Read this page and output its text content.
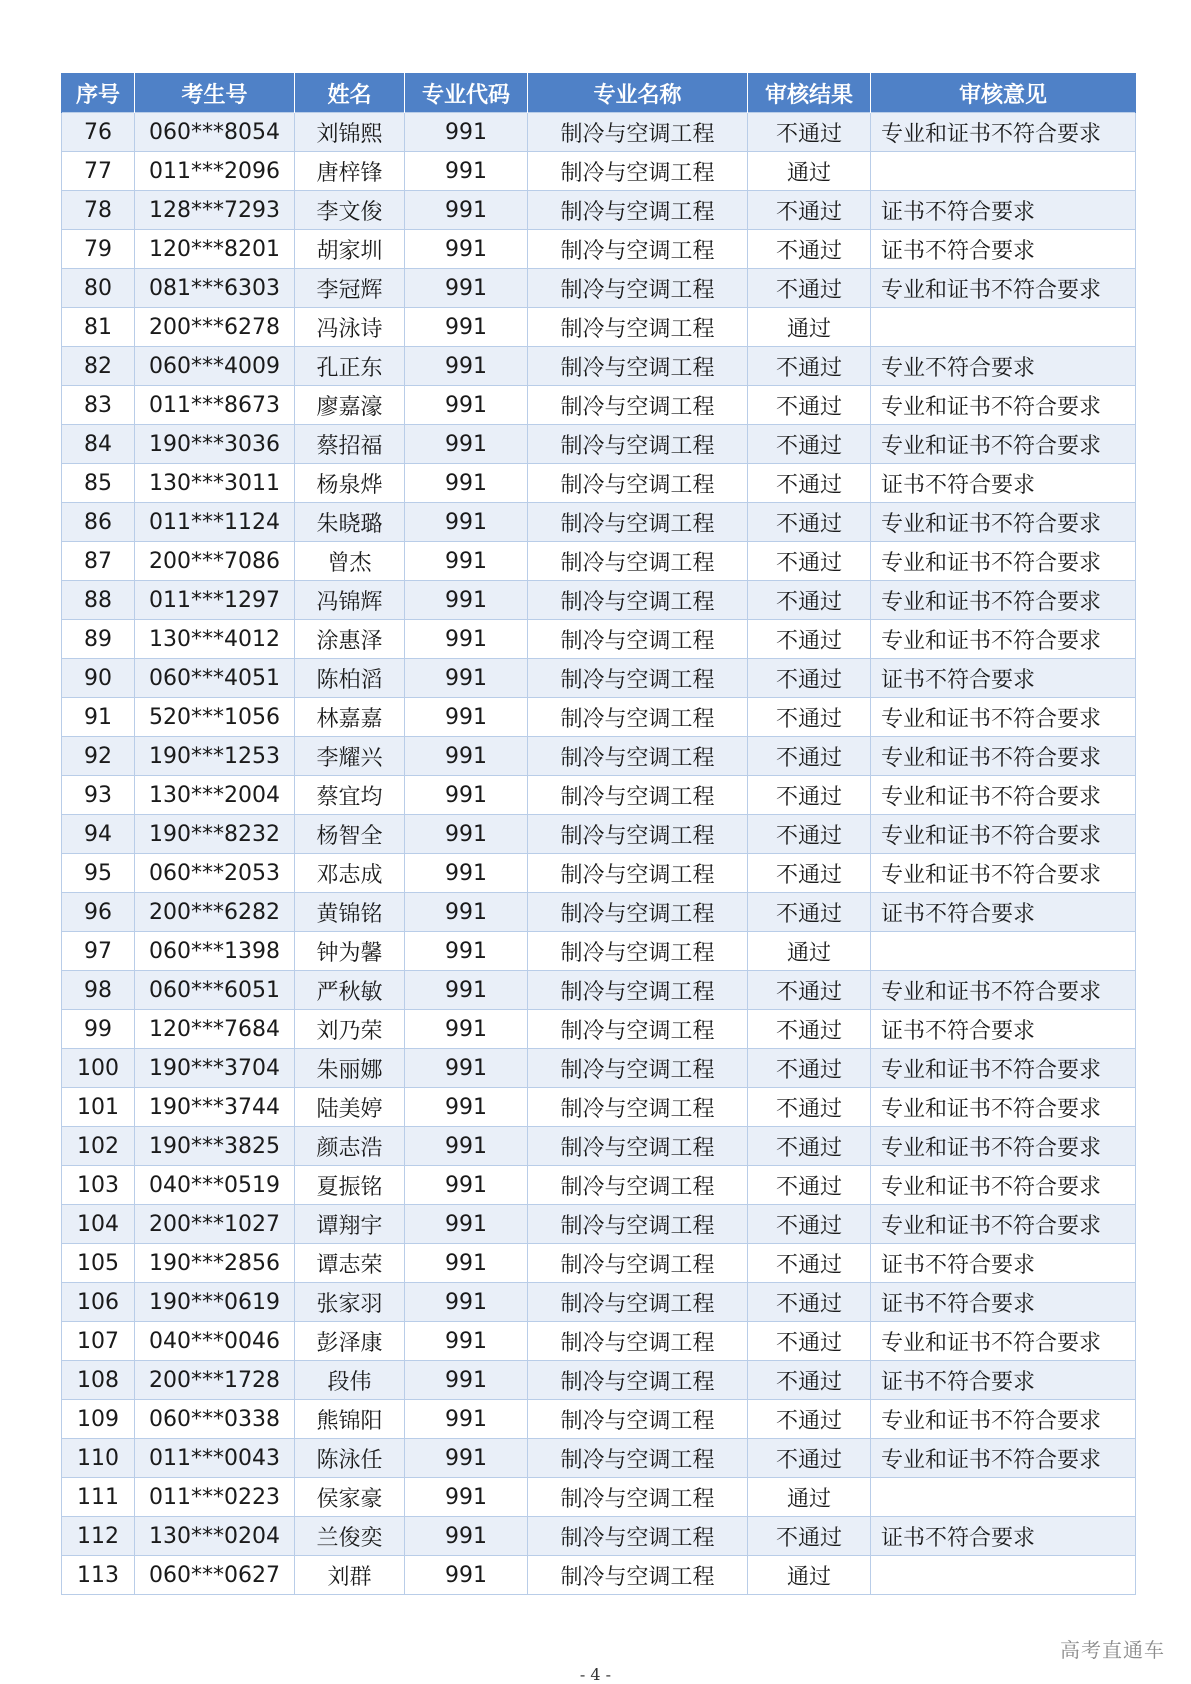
序号	考生号	姓名	专业代码	专业名称	审核结果	审核意见
76	060***8054	刘锦熙	991	制冷与空调工程	不通过	专业和证书不符合要求
77	011***2096	唐梓锋	991	制冷与空调工程	通过	
78	128***7293	李文俊	991	制冷与空调工程	不通过	证书不符合要求
79	120***8201	胡家圳	991	制冷与空调工程	不通过	证书不符合要求
80	081***6303	李冠辉	991	制冷与空调工程	不通过	专业和证书不符合要求
81	200***6278	冯泳诗	991	制冷与空调工程	通过	
82	060***4009	孔正东	991	制冷与空调工程	不通过	专业不符合要求
83	011***8673	廖嘉濠	991	制冷与空调工程	不通过	专业和证书不符合要求
84	190***3036	蔡招福	991	制冷与空调工程	不通过	专业和证书不符合要求
85	130***3011	杨泉烨	991	制冷与空调工程	不通过	证书不符合要求
86	011***1124	朱晓璐	991	制冷与空调工程	不通过	专业和证书不符合要求
87	200***7086	曾杰	991	制冷与空调工程	不通过	专业和证书不符合要求
88	011***1297	冯锦辉	991	制冷与空调工程	不通过	专业和证书不符合要求
89	130***4012	涂惠泽	991	制冷与空调工程	不通过	专业和证书不符合要求
90	060***4051	陈柏滔	991	制冷与空调工程	不通过	证书不符合要求
91	520***1056	林嘉嘉	991	制冷与空调工程	不通过	专业和证书不符合要求
92	190***1253	李耀兴	991	制冷与空调工程	不通过	专业和证书不符合要求
93	130***2004	蔡宜均	991	制冷与空调工程	不通过	专业和证书不符合要求
94	190***8232	杨智全	991	制冷与空调工程	不通过	专业和证书不符合要求
95	060***2053	邓志成	991	制冷与空调工程	不通过	专业和证书不符合要求
96	200***6282	黄锦铭	991	制冷与空调工程	不通过	证书不符合要求
97	060***1398	钟为馨	991	制冷与空调工程	通过	
98	060***6051	严秋敏	991	制冷与空调工程	不通过	专业和证书不符合要求
99	120***7684	刘乃荣	991	制冷与空调工程	不通过	证书不符合要求
100	190***3704	朱丽娜	991	制冷与空调工程	不通过	专业和证书不符合要求
101	190***3744	陆美婷	991	制冷与空调工程	不通过	专业和证书不符合要求
102	190***3825	颜志浩	991	制冷与空调工程	不通过	专业和证书不符合要求
103	040***0519	夏振铭	991	制冷与空调工程	不通过	专业和证书不符合要求
104	200***1027	谭翔宇	991	制冷与空调工程	不通过	专业和证书不符合要求
105	190***2856	谭志荣	991	制冷与空调工程	不通过	证书不符合要求
106	190***0619	张家羽	991	制冷与空调工程	不通过	证书不符合要求
107	040***0046	彭泽康	991	制冷与空调工程	不通过	专业和证书不符合要求
108	200***1728	段伟	991	制冷与空调工程	不通过	证书不符合要求
109	060***0338	熊锦阳	991	制冷与空调工程	不通过	专业和证书不符合要求
110	011***0043	陈泳任	991	制冷与空调工程	不通过	专业和证书不符合要求
111	011***0223	侯家豪	991	制冷与空调工程	通过	
112	130***0204	兰俊奕	991	制冷与空调工程	不通过	证书不符合要求
113	060***0627	刘群	991	制冷与空调工程	通过	
高考直通车
- 4 -
